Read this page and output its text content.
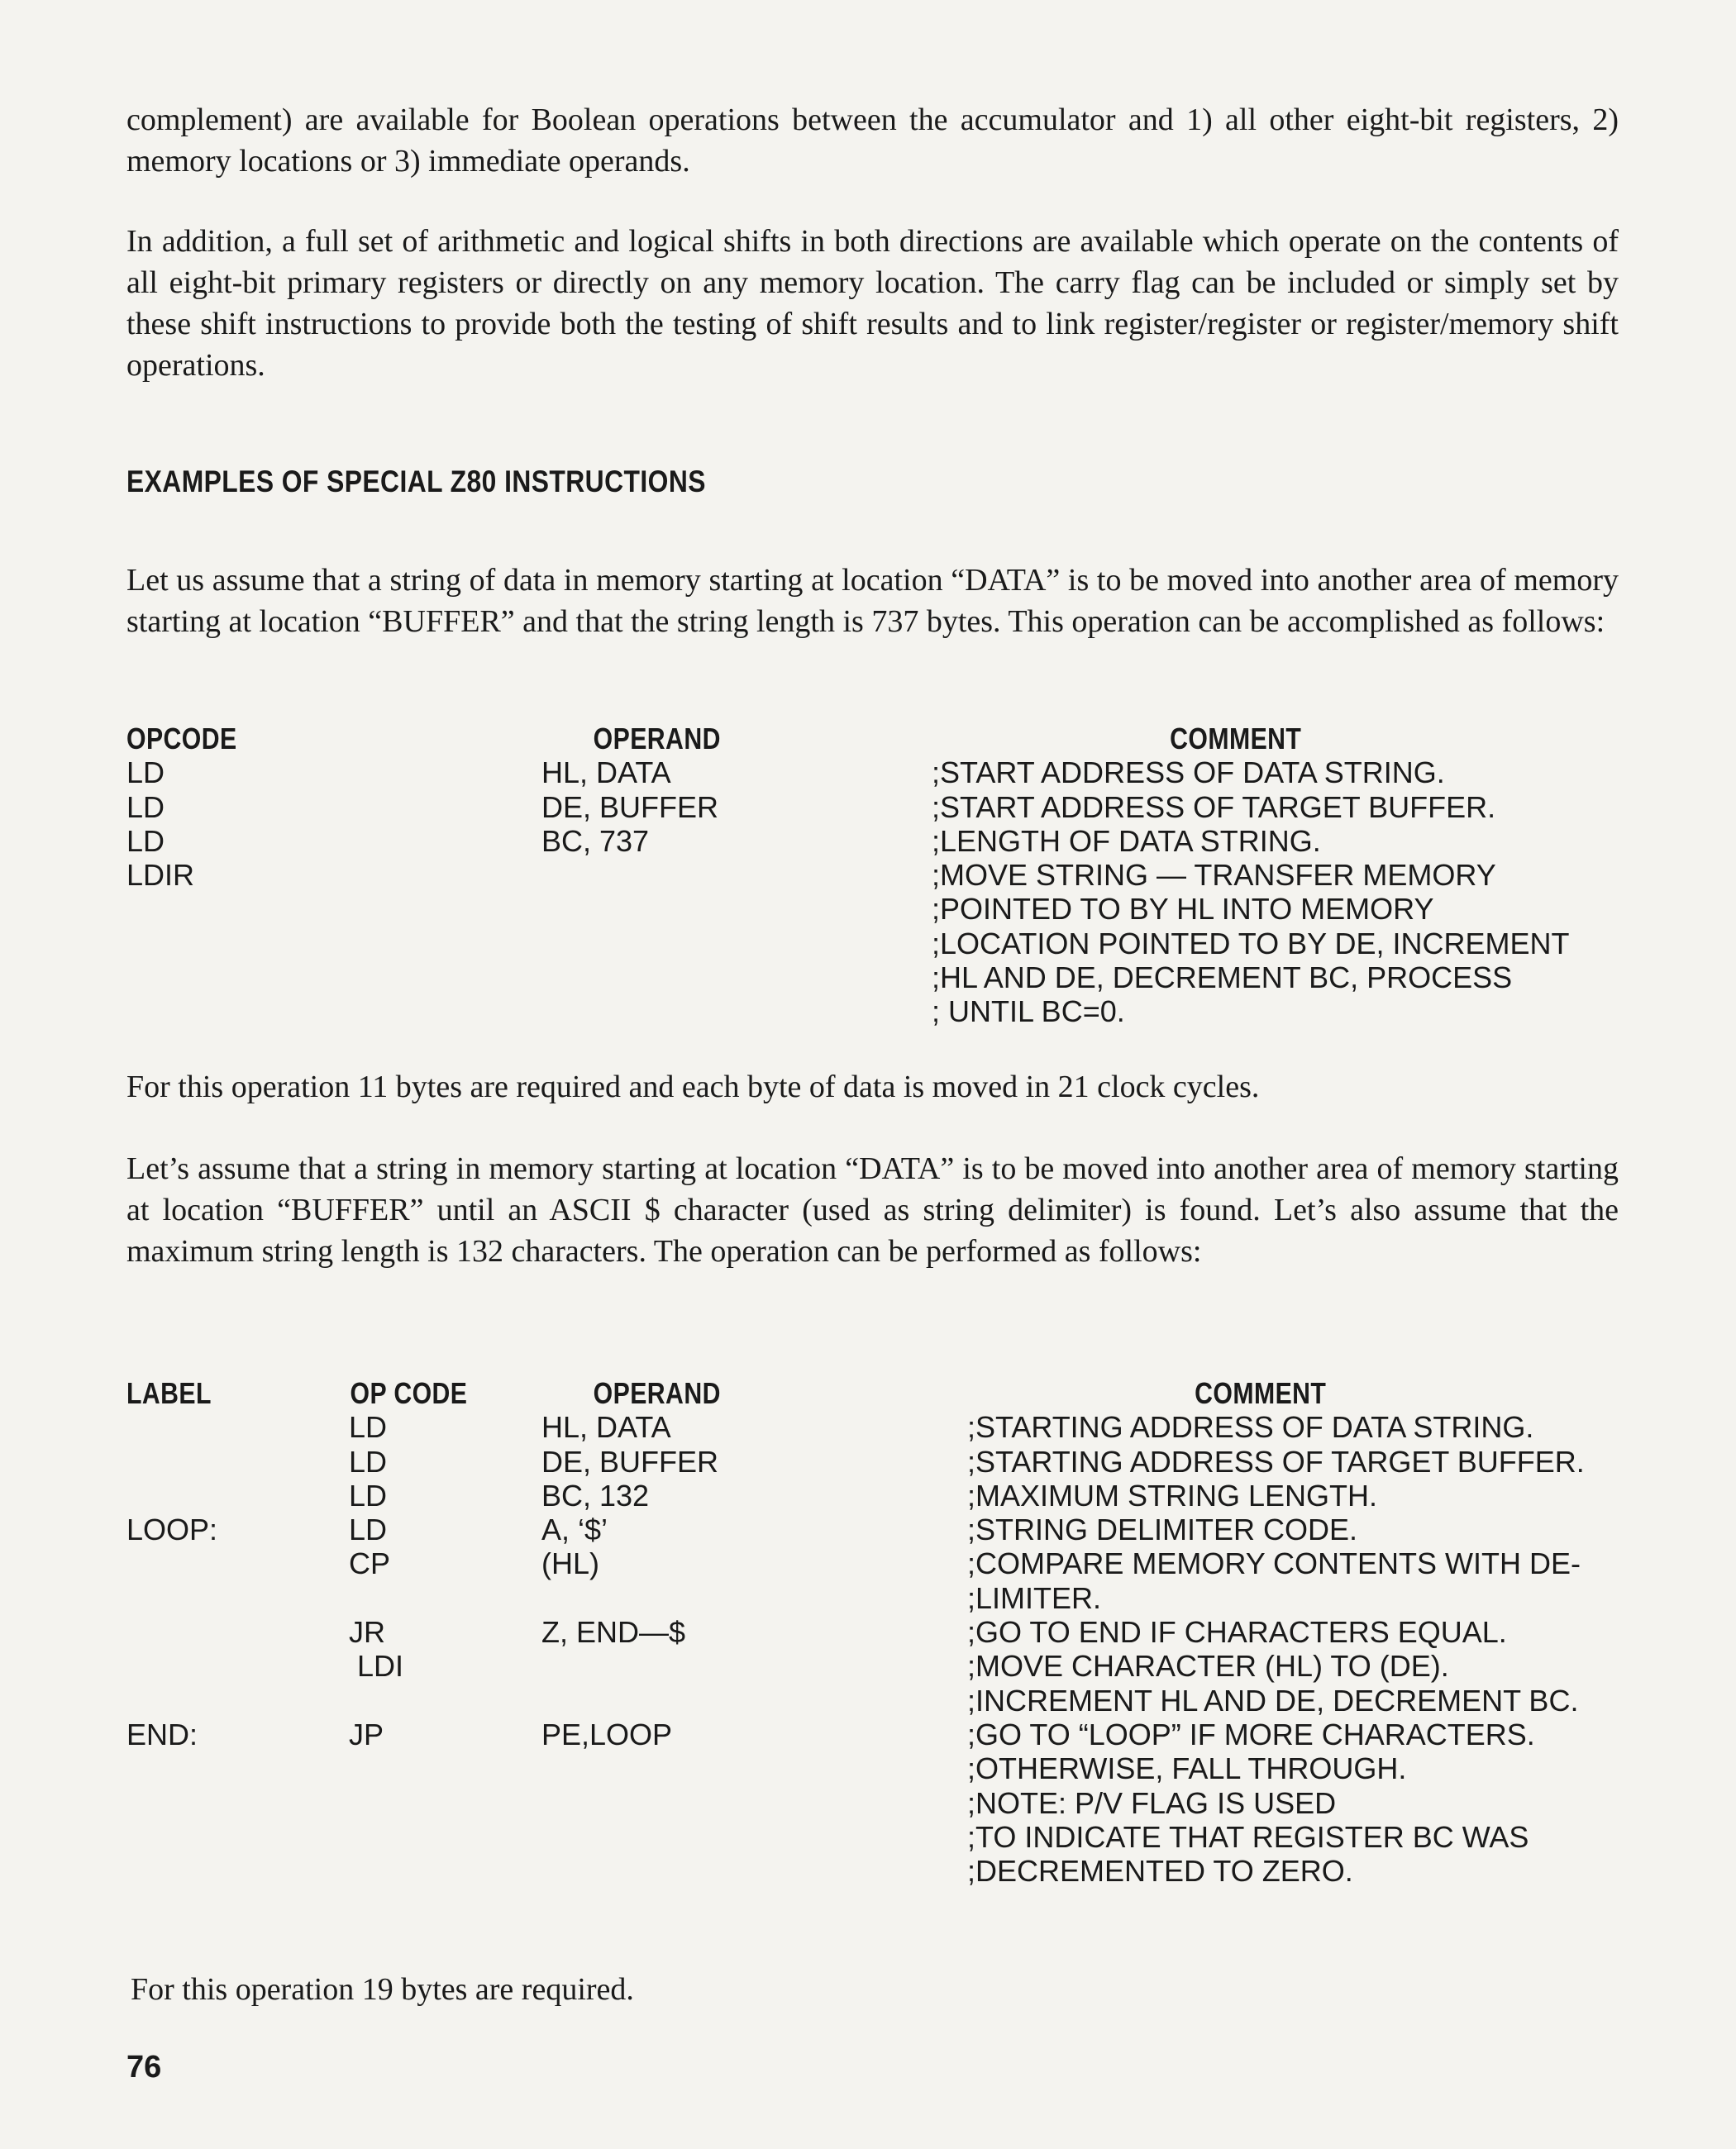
complement) are available for Boolean operations between the accumulator and 1) all other eight-bit registers, 2) memory locations or 3) immediate operands.

In addition, a full set of arithmetic and logical shifts in both directions are available which operate on the contents of all eight-bit primary registers or directly on any memory location. The carry flag can be included or simply set by these shift instructions to provide both the testing of shift results and to link register/register or register/memory shift operations.

EXAMPLES OF SPECIAL Z80 INSTRUCTIONS

Let us assume that a string of data in memory starting at location “DATA” is to be moved into another area of memory starting at location “BUFFER” and that the string length is 737 bytes. This operation can be accomplished as follows:

OPCODE
LD
LD
LD
LDIR
OPERAND
HL, DATA
DE, BUFFER
BC, 737
COMMENT
;START ADDRESS OF DATA STRING.
;START ADDRESS OF TARGET BUFFER.
;LENGTH OF DATA STRING.
;MOVE STRING — TRANSFER MEMORY
;POINTED TO BY HL INTO MEMORY
;LOCATION POINTED TO BY DE, INCREMENT
;HL AND DE, DECREMENT BC, PROCESS
; UNTIL BC=0.

For this operation 11 bytes are required and each byte of data is moved in 21 clock cycles.

Let’s assume that a string in memory starting at location “DATA” is to be moved into another area of memory starting at location “BUFFER” until an ASCII $ character (used as string delimiter) is found. Let’s also assume that the maximum string length is 132 characters. The operation can be performed as follows:

LABEL
LOOP:
END:
OP CODE
LD
LD
LD
LD
CP
JR
LDI
JP
OPERAND
HL, DATA
DE, BUFFER
BC, 132
A, ‘$’
(HL)
Z, END—$
PE,LOOP
COMMENT
;STARTING ADDRESS OF DATA STRING.
;STARTING ADDRESS OF TARGET BUFFER.
;MAXIMUM STRING LENGTH.
;STRING DELIMITER CODE.
;COMPARE MEMORY CONTENTS WITH DE-
;LIMITER.
;GO TO END IF CHARACTERS EQUAL.
;MOVE CHARACTER (HL) TO (DE).
;INCREMENT HL AND DE, DECREMENT BC.
;GO TO “LOOP” IF MORE CHARACTERS.
;OTHERWISE, FALL THROUGH.
;NOTE: P/V FLAG IS USED
;TO INDICATE THAT REGISTER BC WAS
;DECREMENTED TO ZERO.

For this operation 19 bytes are required.

76
